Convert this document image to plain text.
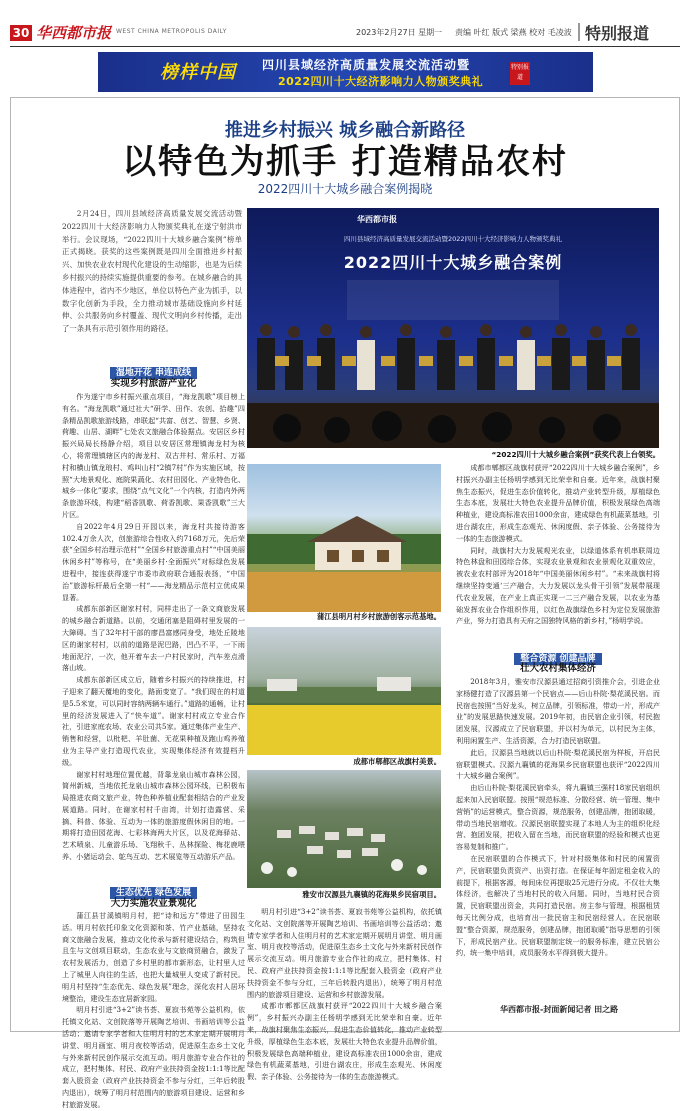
30 华西都市报 WEST CHINA METROPOLIS DAILY	2023年2月27日 星期一 责编 叶红 版式 梁燕 校对 毛凌波 特别报道
榜样中国 四川县域经济高质量发展交流活动暨
2022四川十大经济影响力人物颁奖典礼
特别报道
推进乡村振兴 城乡融合新路径
以特色为抓手 打造精品农村
2022四川十大城乡融合案例揭晓

2月24日，四川县域经济高质量发展交流活动暨2022四川十大经济影响力人物颁奖典礼在遂宁射洪市举行。会议现场，“2022四川十大城乡融合案例”榜单正式揭晓。获奖的这些案例既是四川全面推进乡村振兴、加快农业农村现代化建设的生动缩影，也是为后续乡村振兴的持续实施提供重要的参考。在城乡融合的具体进程中，省内不少地区，单位以特色产业为抓手，以数字化创新为手段，全力推动城市基础设施向乡村延伸、公共服务向乡村覆盖、现代文明向乡村传播，走出了一条具有示范引领作用的路径。

湿地开花 串连成线
实现乡村旅游产业化

作为遂宁市乡村振兴重点项目，“海龙凯歌”项目榜上有名。“海龙凯歌”通过社大“研学、田作、农创、拾趣”四条精品凯歌旅游线路，串联起“共富、创艺、智慧、乡贤、荷趣、山居、湖畔”七处农文旅融合体验据点。安居区乡村振兴局局长杨静介绍，项目以安居区常理镇海龙村为核心，将常理镇辖区内的海龙村、双古井村、常乐村、万福村和横山镇龙琅村、鸡叫山村“2镇7村”作为实施区域，按照“大地景观化、庭院果蔬化、农村田园化、产业特色化、城乡一体化”要求，围绕“点气文化”一个内核，打造内外两条旅游环线，构建“稻香凯歌、荷香凯歌、果香凯歌”三大片区。

自2022年4月29日开园以来，海龙村共接待游客102.4万余人次，创旅游综合性收入约7168万元，先后荣获“全国乡村治理示范村”“全国乡村旅游重点村”“中国美丽休闲乡村”等称号，在“美丽乡村·全面振兴”对标绿色发展进程中，接连获得遂宁市委市政府联合通报表扬，“中国治”旅游标杆最后全第一村“——海龙精品示范村立优成果显著。

成都东部新区谢家村村，同样走出了一条文商旅发展的城乡融合新道路。以前，交通闭塞是阻碍村里发展的一大障碍。当了32年村干部的廖昌富感同身受，地处丘陵地区的谢家村村，以前的道路是泥巴路，凹凸不平，一下雨地面泥泞，一次，他开着车去一户村民家时，汽车差点滑落山坡。

成都东部新区成立后，随着乡村振兴的持续推进，村子迎来了翻天覆地的变化，路面变宽了。“我们现在的村道是5.5米宽，可以同时容纳两辆车通行。”道路的通畅，让村里的经济发展进入了“快车道”。谢家村村成立专业合作社，引进家庭农场、农业公司共5家。通过集体产业生产、销售和经营，以枇杷、羊肚菌、无花果种植及跑山鸡养殖业为主导产业打造现代农业，实现集体经济有效提档升级。

谢家村村地理位置优越，背靠龙泉山城市森林公园，简州新城，当地依托龙泉山城市森林公园环线，已积极布局推进农商文旅产业，特色种养植业配套相结合的产业发展道路。同时，在谢家村村千亩湾，计划打造露营、采摘、科普、体验、互动为一体的旅游度假休闲目的地。一期将打造田园花海、七彩林海两大片区，以及花海驿站、艺术喷泉、儿童游乐场、飞翔秋千、丛林探险、梅花鹿喂养、小猪运动会、鸵鸟互动、艺术展览等互动游乐产品。

生态优先 绿色发展
大力实施农业景观化

蒲江县甘溪镇明月村，把“诗和远方”带进了田园生活。明月村依托印象文化资源和茶、竹产业基础，坚持农商文旅融合发展，推动文化传承与新村建设结合，构筑但且生与文创项目联动，生态农业与文旅商贸融合，激发了农村发展活力，创造了乡村里的都市新形态，让村里人过上了城里人向往的生活，也把大量城里人变成了新村民。明月村坚持“生态优先、绿色发展”理念，深化农村人居环境整治，建设生态宜居新家园。

明月村引进“3+2”读书荟、夏寂书苑等公益机构，依托镇文化站、文创院落等开展陶艺培训、书画培训等公益活动；邀请专家学者和人住明月村的艺术家定期开展明月讲堂、明月画室、明月夜校等活动，促进原生态乡土文化与外来新村民创作展示交流互动。明月旅游专业合作社的成立，把村集体、村民、政府产业扶持资金按1:1:1等比配套入股资金（政府产业扶持资金不参与分红，三年后转股内退出），统筹了明月村范围内的旅游项目建设、运营和乡村旅游发展。

华西都市报
四川县域经济高质量发展交流活动暨2022四川十大经济影响力人物颁奖典礼
2022四川十大城乡融合案例
“2022四川十大城乡融合案例”获奖代表上台领奖。
蒲江县明月村乡村旅游创客示范基地。
成都市郫都区战旗村美景。
雅安市汉源县九襄镇的花海果乡民宿项目。

明月村引进“3+2”读书荟、夏寂书苑等公益机构，依托镇文化站、文创院落等开展陶艺培训、书画培训等公益活动；邀请专家学者和人住明月村的艺术家定期开展明月讲堂、明月画室、明月夜校等活动，促进原生态乡土文化与外来新村民创作展示交流互动。明月旅游专业合作社的成立，把村集体、村民、政府产业扶持资金按1:1:1等比配套入股资金（政府产业扶持资金不参与分红，三年后转股内退出），统筹了明月村范围内的旅游项目建设、运营和乡村旅游发展。

成都市郫都区战旗村获评“2022四川十大城乡融合案例”，乡村振兴办副主任杨明学感到无比荣幸和自豪。近年来，战旗村聚焦生态振兴，促进生态价值转化，推动产业转型升级，厚植绿色生态本底，发展壮大特色农业提升品牌价值，积极发展绿色高端种植业，建设高标准农田1000余亩，建成绿色有机蔬菜基地，引进台湖农庄，形成生态观光、休闲度假、亲子体验、公务接待为一体的生态旅游模式。

成都市郫都区战旗村获评“2022四川十大城乡融合案例”，乡村振兴办副主任杨明学感到无比荣幸和自豪。近年来，战旗村聚焦生态振兴，促进生态价值转化，推动产业转型升级，厚植绿色生态本底，发展壮大特色农业提升品牌价值，积极发展绿色高端种植业，建设高标准农田1000余亩，建成绿色有机蔬菜基地，引进台湖农庄，形成生态观光、休闲度假、亲子体验、公务接待为一体的生态旅游模式。

同时，战旗村大力发展观光农业，以绿道体系有机串联周边特色林盘和田园综合体，实现农业景观和农业景观化双重效应，被农业农村部评为2018年“中国美丽休闲乡村”。“未来战旗村将继续坚持变通‘三产融合，大力发展以龙头骨干引领”发展带展现代农业发展，在产业上真正实现一二三产融合发展，以农业为基础发挥农业合作组织作用，以红色战旗绿色乡村为定位发展旅游产业，努力打造具有天府之国独特风格的新乡村，”杨明学说。

整合资源 创建品牌
壮大农村集体经济

2018年3月，雅安市汉源县通过招商引资推介会，引进企业家杨健打造了汉源县第一个民宿点——后山朴院·梨花溪民宿。而民宿也按照“当好龙头，树立品牌，引领标准，带动一片，形成产业”的发展思路快速发展。2019年初，由民宿企业引领，村民抱团发展，汉源成立了民宿联盟，并以村为单元，以村民为主体，利用闲置生产、生活资源，合力打造民宿联盟。

此后，汉源县当地就以后山朴院·梨花溪民宿为样板，开启民宿联盟模式。汉源九襄镇的花海果乡民宿联盟也获评“2022四川十大城乡融合案例”。

由后山朴院·梨花溪民宿牵头，将九襄镇三强村18家民宿组织起来加入民宿联盟。按照“规范标准、分散经营、统一管理、集中营销”的运营模式，整合资源，规范服务，创建品牌，抱团取暖，带动当地民宿增收。汉源民宿联盟实现了本地人为主的组织化经营、抱团发展，把收入留在当地，而民宿联盟的经验和模式也更容易复制和推广。

在民宿联盟的合作模式下，针对村级集体和村民的闲置资产，民宿联盟负责资产、出资打造。在保证每年固定租金收入的前提下，根据客源，每间床位再提取25元进行分成。不仅壮大集体经济，也解决了当地村民的收入问题。同时，当地村民合资置，民宿联盟出资金，共同打造民宿。房主参与管理，根据租赁每天比例分成，也培育出一批民宿主和民宿经营人。在民宿联盟“整合资源，规范服务，创建品牌，抱团取暖”指导思想的引领下，形成民宿产业。民宿联盟制定统一的服务标准，建立民宿公约，统一集中培训，成员服务水平得到极大提升。

华西都市报-封面新闻记者 田之路
